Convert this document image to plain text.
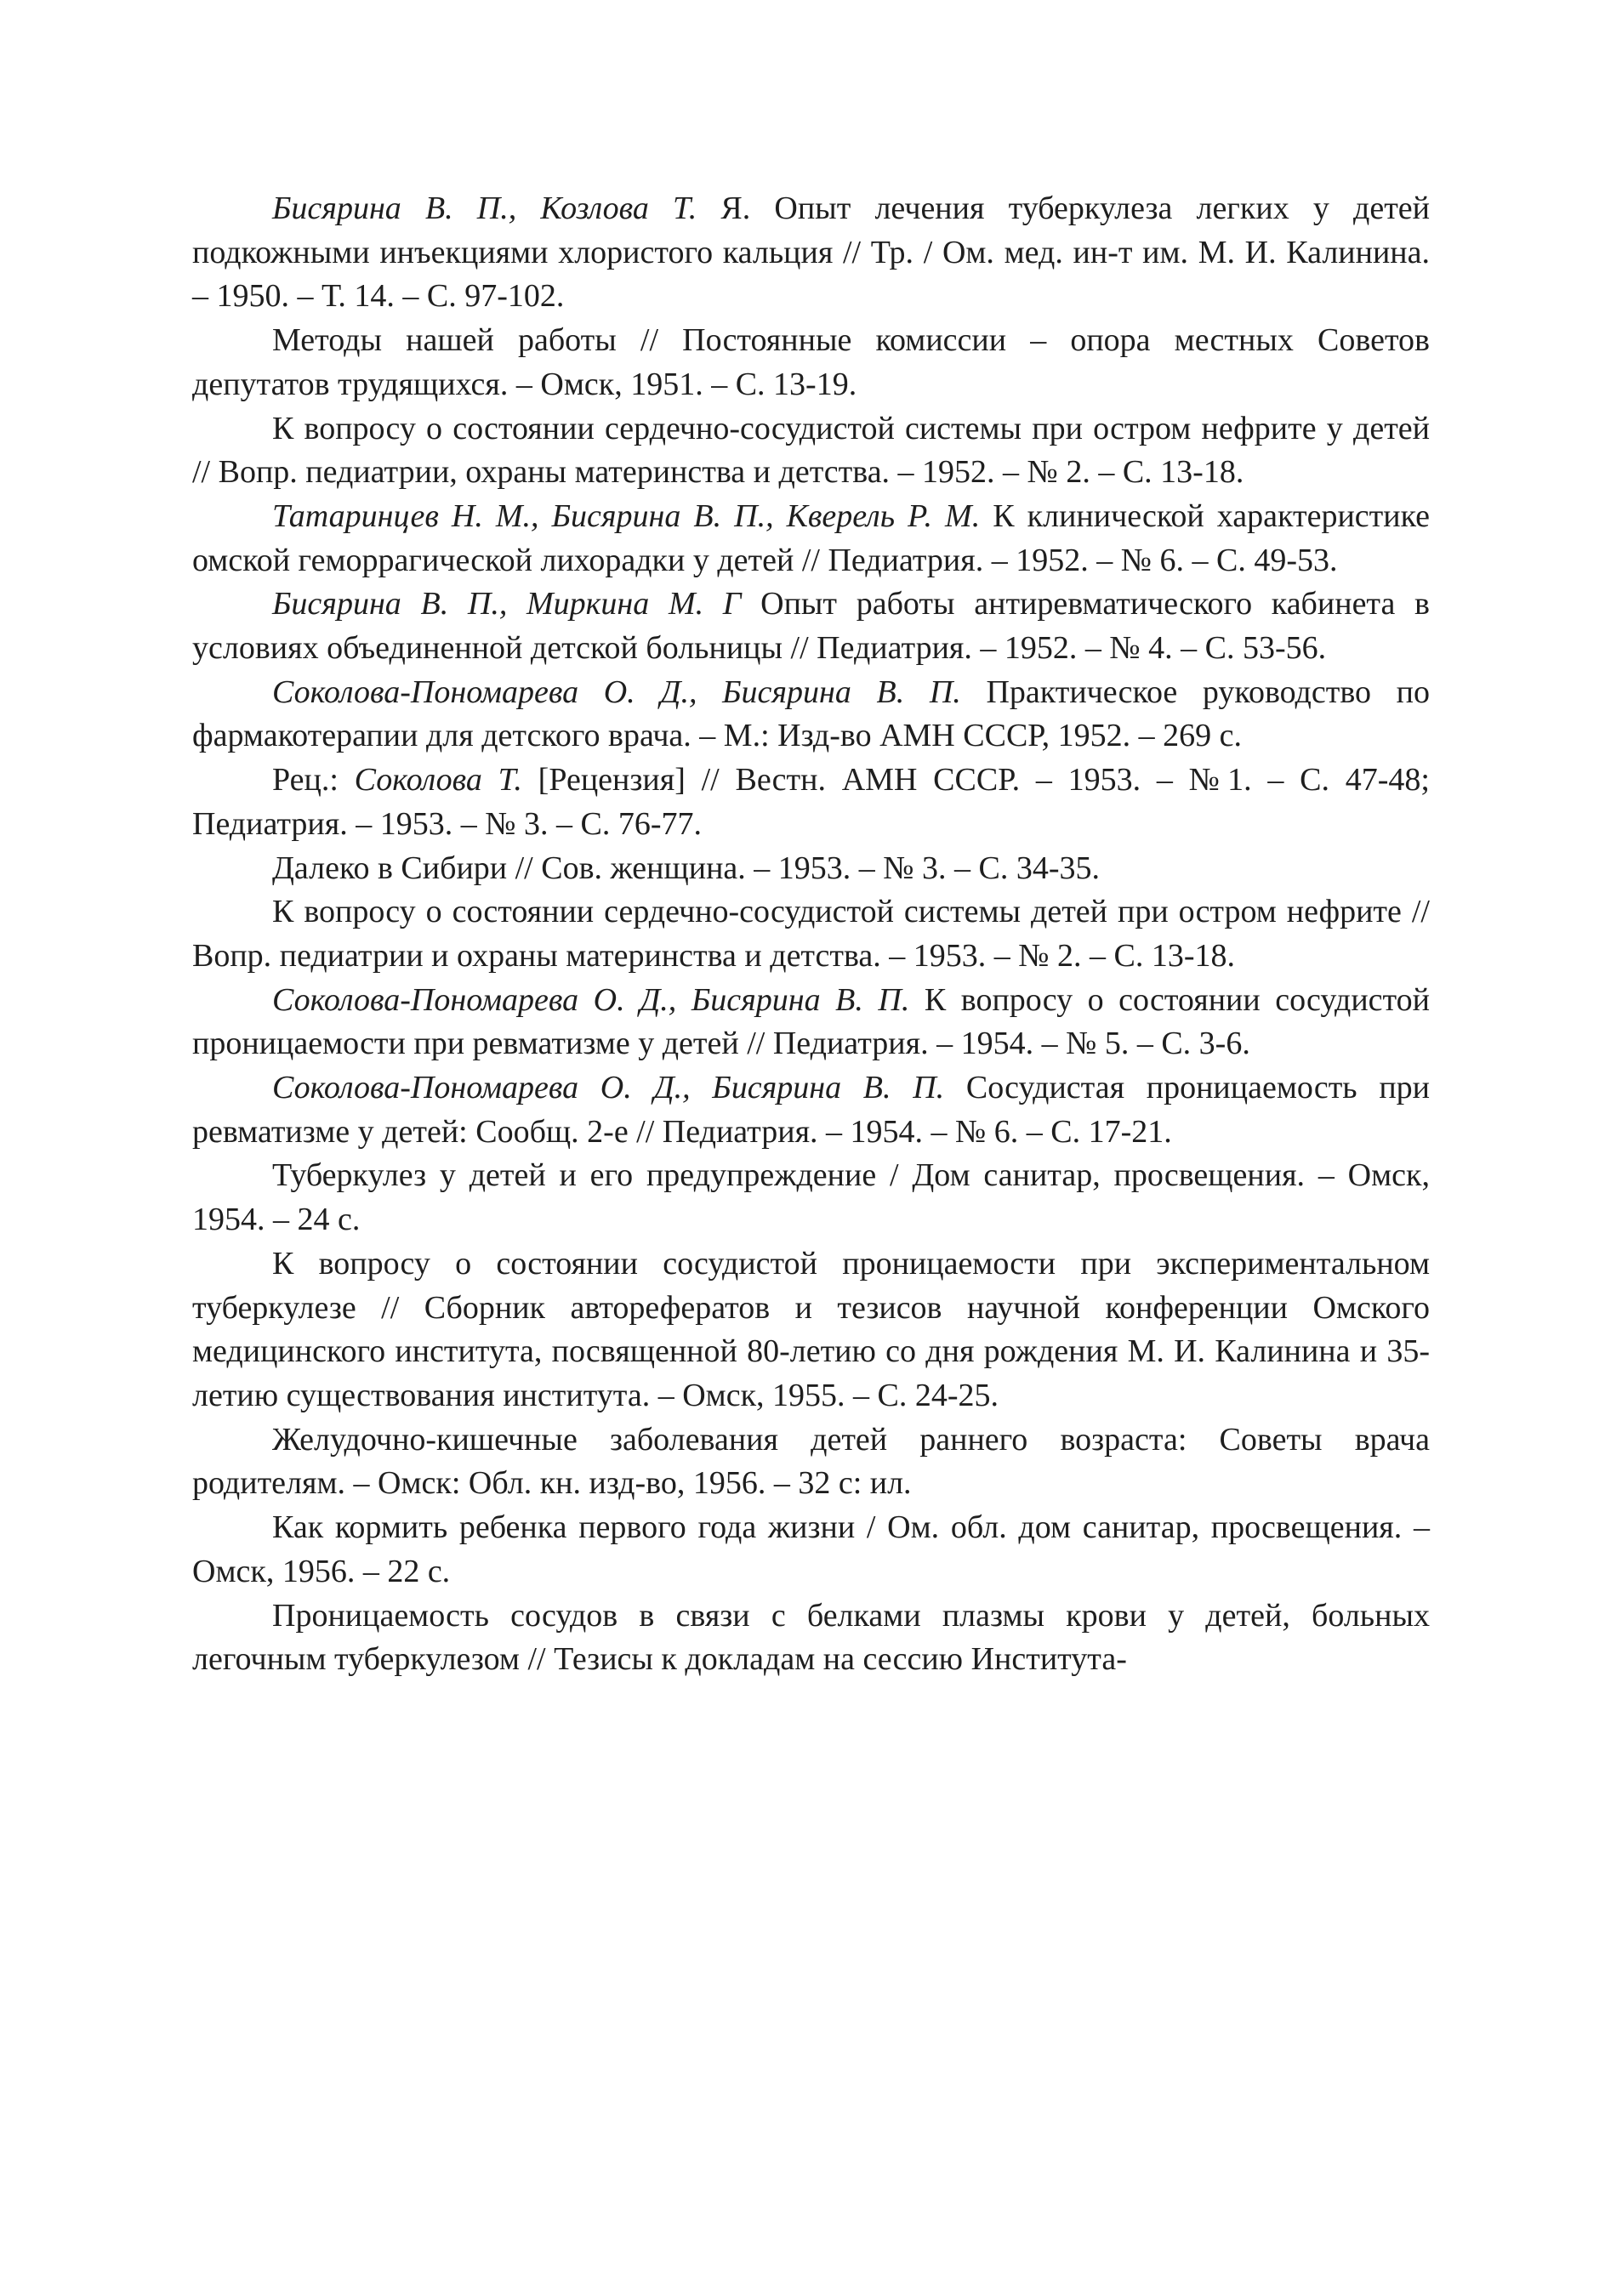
Бисярина В. П., Козлова Т. Я. Опыт лечения туберкулеза легких у детей подкожными инъекциями хлористого кальция // Тр. / Ом. мед. ин-т им. М. И. Калинина. – 1950. – Т. 14. – С. 97-102.

Методы нашей работы // Постоянные комиссии – опора местных Советов депутатов трудящихся. – Омск, 1951. – С. 13-19.

К вопросу о состоянии сердечно-сосудистой системы при остром нефрите у детей // Вопр. педиатрии, охраны материнства и детства. – 1952. – № 2. – С. 13-18.

Татаринцев Н. М., Бисярина В. П., Кверель Р. М. К клинической характеристике омской геморрагической лихорадки у детей // Педиатрия. – 1952. – № 6. – С. 49-53.

Бисярина В. П., Миркина М. Г Опыт работы антиревматического кабинета в условиях объединенной детской больницы // Педиатрия. – 1952. – № 4. – С. 53-56.

Соколова-Пономарева О. Д., Бисярина В. П. Практическое руководство по фармакотерапии для детского врача. – М.: Изд-во АМН СССР, 1952. – 269 с.

Рец.: Соколова Т. [Рецензия] // Вестн. АМН СССР. – 1953. – №1. – С. 47-48; Педиатрия. – 1953. – № 3. – С. 76-77.

Далеко в Сибири // Сов. женщина. – 1953. – № 3. – С. 34-35.

К вопросу о состоянии сердечно-сосудистой системы детей при остром нефрите // Вопр. педиатрии и охраны материнства и детства. – 1953. – № 2. – С. 13-18.

Соколова-Пономарева О. Д., Бисярина В. П. К вопросу о состоянии сосудистой проницаемости при ревматизме у детей // Педиатрия. – 1954. – № 5. – С. 3-6.

Соколова-Пономарева О. Д., Бисярина В. П. Сосудистая проницаемость при ревматизме у детей: Сообщ. 2-е // Педиатрия. – 1954. – № 6. – С. 17-21.

Туберкулез у детей и его предупреждение / Дом санитар, просвещения. – Омск, 1954. – 24 с.

К вопросу о состоянии сосудистой проницаемости при экспериментальном туберкулезе // Сборник авторефератов и тезисов научной конференции Омского медицинского института, посвященной 80-летию со дня рождения М. И. Калинина и 35-летию существования института. – Омск, 1955. – С. 24-25.

Желудочно-кишечные заболевания детей раннего возраста: Советы врача родителям. – Омск: Обл. кн. изд-во, 1956. – 32 с: ил.

Как кормить ребенка первого года жизни / Ом. обл. дом санитар, просвещения. – Омск, 1956. – 22 с.

Проницаемость сосудов в связи с белками плазмы крови у детей, больных легочным туберкулезом // Тезисы к докладам на сессию Института-
